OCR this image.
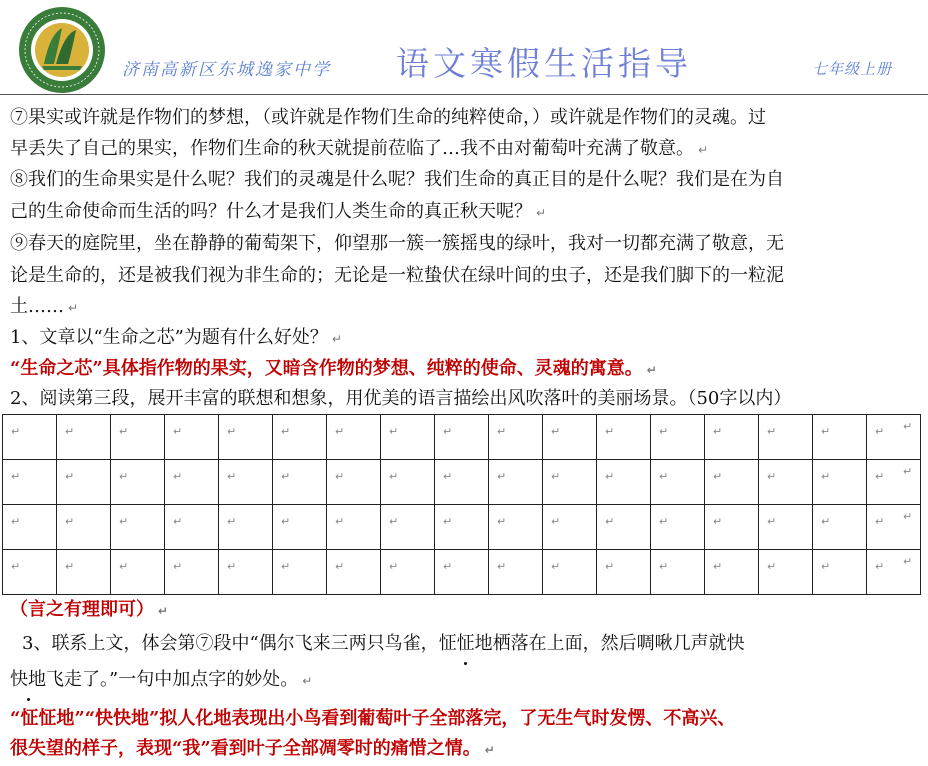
济南高新区东城逸家中学 语文寒假生活指导	七年级上册
⑦果实或许就是作物们的梦想，（或许就是作物们生命的纯粹使命，）或许就是作物们的灵魂。过
早丢失了自己的果实，作物们生命的秋天就提前莅临了…我不由对葡萄叶充满了敬意。 ↵
⑧我们的生命果实是什么呢？我们的灵魂是什么呢？我们生命的真正目的是什么呢？我们是在为自
己的生命使命而生活的吗？什么才是我们人类生命的真正秋天呢？ ↵
⑨春天的庭院里，坐在静静的葡萄架下，仰望那一簇一簇摇曳的绿叶，我对一切都充满了敬意，无
论是生命的，还是被我们视为非生命的；无论是一粒蛰伏在绿叶间的虫子，还是我们脚下的一粒泥
土…… ↵
1、文章以“生命之芯”为题有什么好处？ ↵
“生命之芯”具体指作物的果实，又暗含作物的梦想、纯粹的使命、灵魂的寓意。 ↵
2、阅读第三段，展开丰富的联想和想象，用优美的语言描绘出风吹落叶的美丽场景。（50字以内）
↵	↵	↵	↵	↵	↵	↵	↵	↵	↵	↵	↵	↵	↵	↵	↵	↵

↵	↵	↵	↵	↵	↵	↵	↵	↵	↵	↵	↵	↵	↵	↵	↵	↵

↵	↵	↵	↵	↵	↵	↵	↵	↵	↵	↵	↵	↵	↵	↵	↵	↵

↵	↵	↵	↵	↵	↵	↵	↵	↵	↵	↵	↵	↵	↵	↵	↵	↵
（言之有理即可） ↵
3、联系上文，体会第⑦段中“偶尔飞来三两只鸟雀，怔怔地栖落在上面，然后啁啾几声就快
快地飞走了。”一句中加点字的妙处。 ↵
“怔怔地”“快快地”拟人化地表现出小鸟看到葡萄叶子全部落完，了无生气时发愣、不高兴、
很失望的样子，表现“我”看到叶子全部凋零时的痛惜之情。 ↵
↵
↵
↵
↵
